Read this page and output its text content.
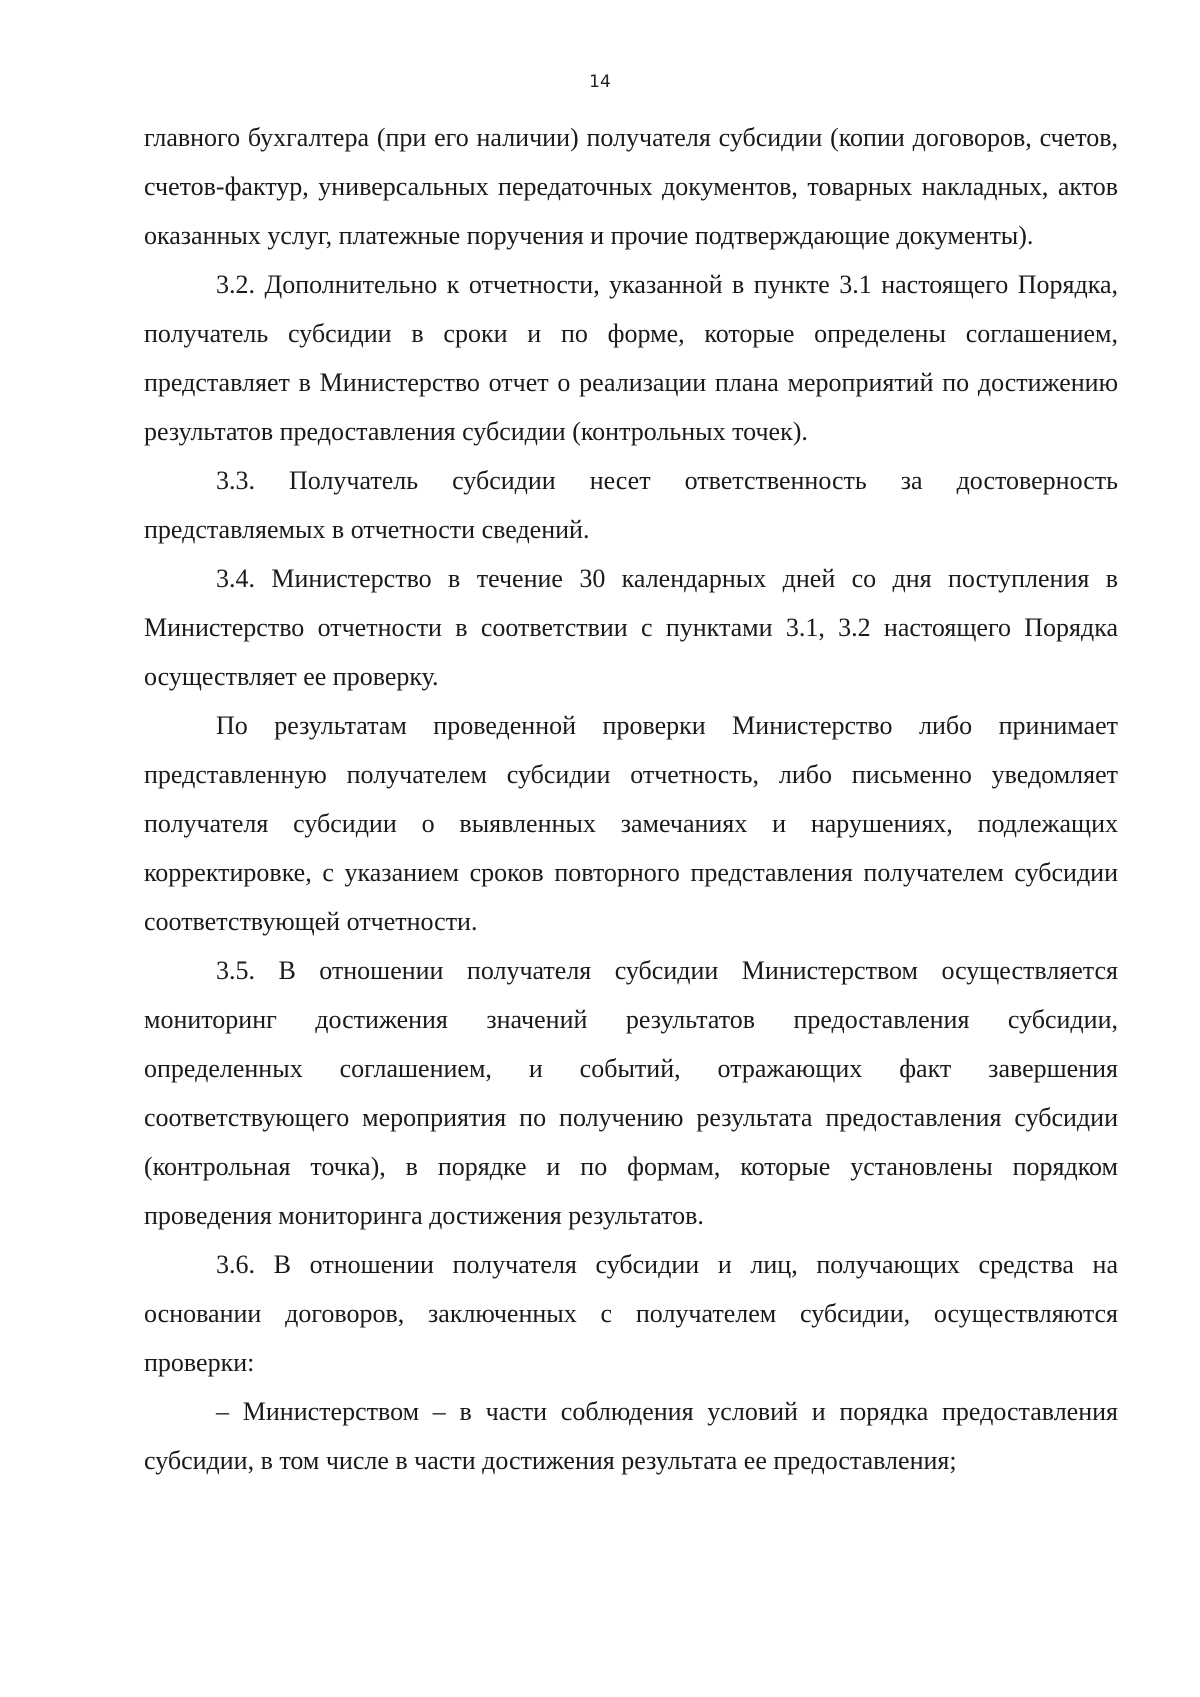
14

главного бухгалтера (при его наличии) получателя субсидии (копии договоров, счетов, счетов-фактур, универсальных передаточных документов, товарных накладных, актов оказанных услуг, платежные поручения и прочие подтверждающие документы).

3.2. Дополнительно к отчетности, указанной в пункте 3.1 настоящего Порядка, получатель субсидии в сроки и по форме, которые определены соглашением, представляет в Министерство отчет о реализации плана мероприятий по достижению результатов предоставления субсидии (контрольных точек).

3.3. Получатель субсидии несет ответственность за достоверность представляемых в отчетности сведений.

3.4. Министерство в течение 30 календарных дней со дня поступления в Министерство отчетности в соответствии с пунктами 3.1, 3.2 настоящего Порядка осуществляет ее проверку.

По результатам проведенной проверки Министерство либо принимает представленную получателем субсидии отчетность, либо письменно уведомляет получателя субсидии о выявленных замечаниях и нарушениях, подлежащих корректировке, с указанием сроков повторного представления получателем субсидии соответствующей отчетности.

3.5. В отношении получателя субсидии Министерством осуществляется мониторинг достижения значений результатов предоставления субсидии, определенных соглашением, и событий, отражающих факт завершения соответствующего мероприятия по получению результата предоставления субсидии (контрольная точка), в порядке и по формам, которые установлены порядком проведения мониторинга достижения результатов.

3.6. В отношении получателя субсидии и лиц, получающих средства на основании договоров, заключенных с получателем субсидии, осуществляются проверки:

– Министерством – в части соблюдения условий и порядка предоставления субсидии, в том числе в части достижения результата ее предоставления;
